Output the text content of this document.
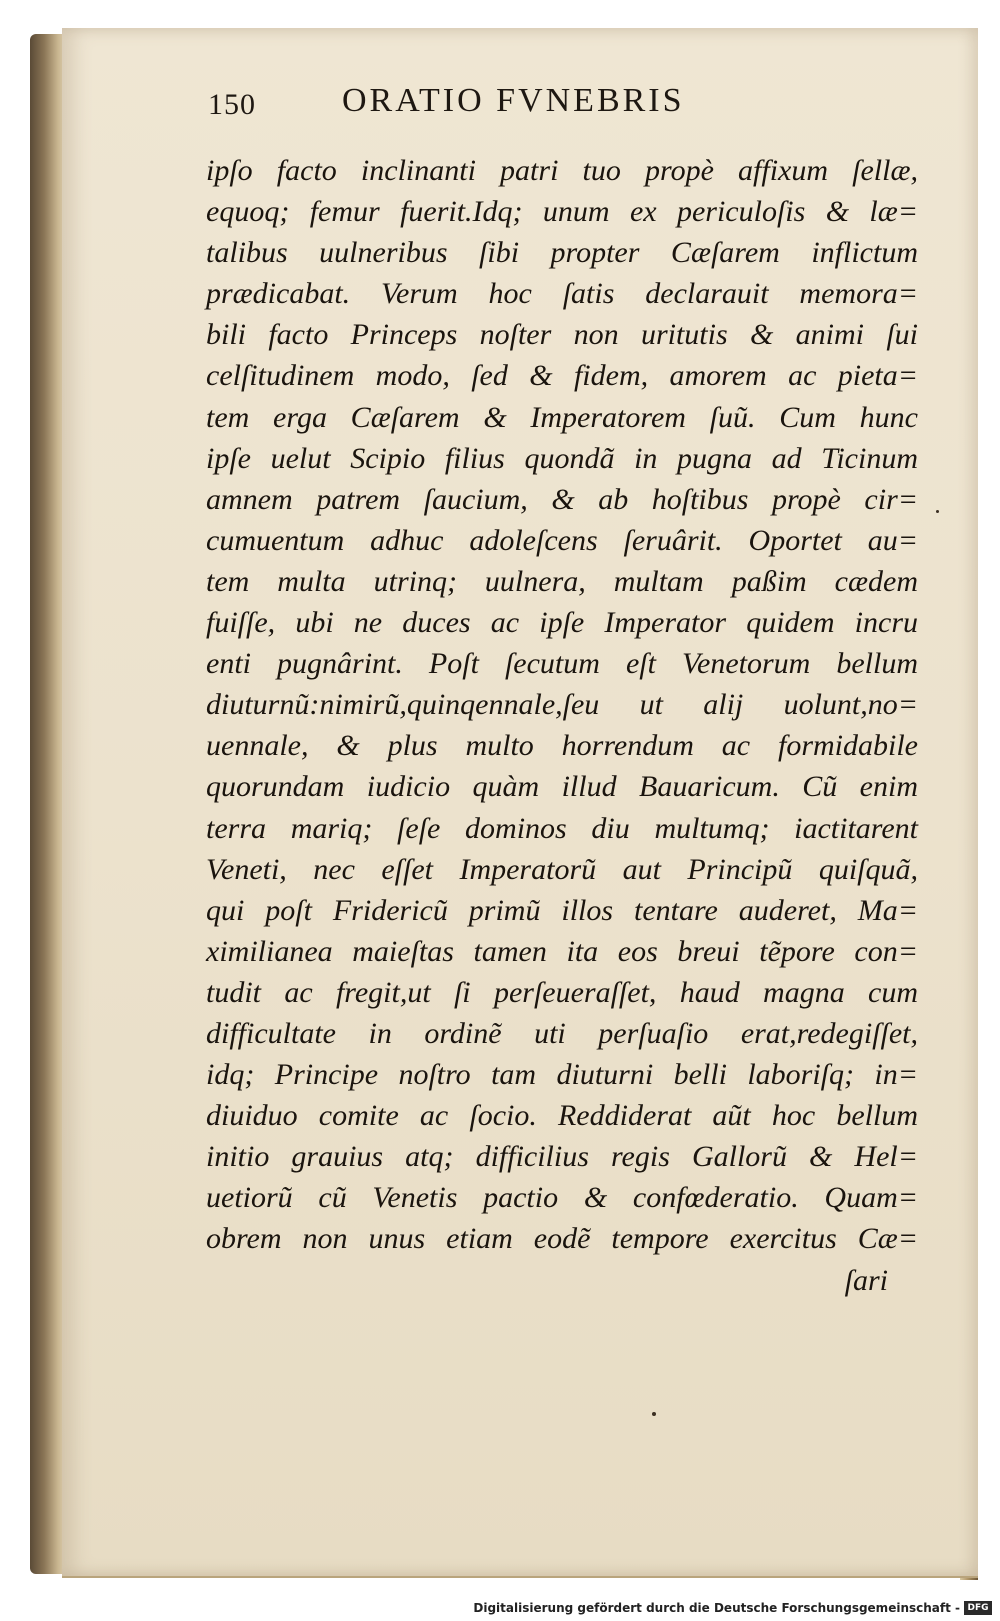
150	ORATIO FVNEBRIS
ipſo facto inclinanti patri tuo propè affixum ſellæ,
equoq; femur fuerit.Idq; unum ex periculoſis & læ=
talibus uulneribus ſibi propter Cæſarem inflictum
prædicabat. Verum hoc ſatis declarauit memora=
bili facto Princeps noſter non uritutis & animi ſui
celſitudinem modo, ſed & fidem, amorem ac pieta=
tem erga Cæſarem & Imperatorem ſuũ. Cum hunc
ipſe uelut Scipio filius quondã in pugna ad Ticinum
amnem patrem ſaucium, & ab hoſtibus propè cir=
cumuentum adhuc adoleſcens ſeruârit. Oportet au=
tem multa utrinq; uulnera, multam paßim cædem
fuiſſe, ubi ne duces ac ipſe Imperator quidem incru
enti pugnârint. Poſt ſecutum eſt Venetorum bellum
diuturnũ:nimirũ,quinqennale,ſeu ut alij uolunt,no=
uennale, & plus multo horrendum ac formidabile
quorundam iudicio quàm illud Bauaricum. Cũ enim
terra mariq; ſeſe dominos diu multumq; iactitarent
Veneti, nec eſſet Imperatorũ aut Principũ quiſquã,
qui poſt Fridericũ primũ illos tentare auderet, Ma=
ximilianea maieſtas tamen ita eos breui tẽpore con=
tudit ac fregit,ut ſi perſeueraſſet, haud magna cum
difficultate in ordinẽ uti perſuaſio erat,redegiſſet,
idq; Principe noſtro tam diuturni belli laboriſq; in=
diuiduo comite ac ſocio. Reddiderat aũt hoc bellum
initio grauius atq; difficilius regis Gallorũ & Hel=
uetiorũ cũ Venetis pactio & confœderatio. Quam=
obrem non unus etiam eodẽ tempore exercitus Cæ=
ſari
Digitalisierung gefördert durch die Deutsche Forschungsgemeinschaft - DFG
